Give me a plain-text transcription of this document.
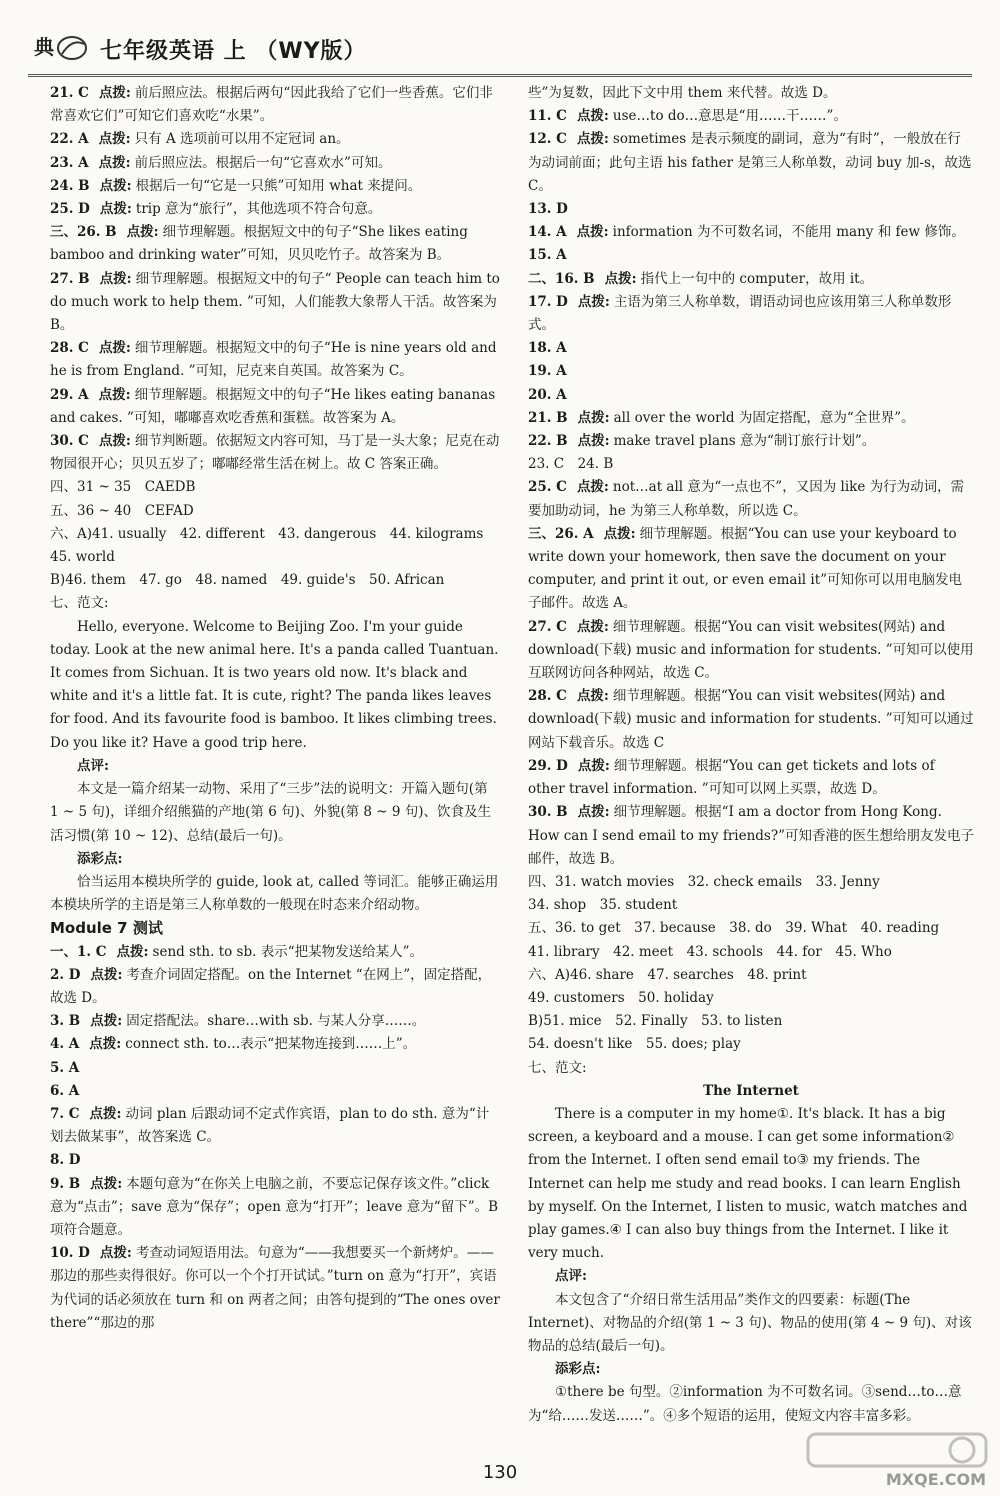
典 七年级英语 上 （WY版）

21. C 点拨: 前后照应法。根据后两句“因此我给了它们一些香蕉。它们非常喜欢它们”可知它们喜欢吃“水果”。

22. A 点拨: 只有 A 选项前可以用不定冠词 an。

23. A 点拨: 前后照应法。根据后一句“它喜欢水”可知。

24. B 点拨: 根据后一句“它是一只熊”可知用 what 来提问。

25. D 点拨: trip 意为“旅行”，其他选项不符合句意。

三、26. B 点拨: 细节理解题。根据短文中的句子“She likes eating bamboo and drinking water”可知，贝贝吃竹子。故答案为 B。

27. B 点拨: 细节理解题。根据短文中的句子“ People can teach him to do much work to help them. ”可知，人们能教大象帮人干活。故答案为 B。

28. C 点拨: 细节理解题。根据短文中的句子“He is nine years old and he is from England. ”可知，尼克来自英国。故答案为 C。

29. A 点拨: 细节理解题。根据短文中的句子“He likes eating bananas and cakes. ”可知，嘟嘟喜欢吃香蕉和蛋糕。故答案为 A。

30. C 点拨: 细节判断题。依据短文内容可知，马丁是一头大象；尼克在动物园很开心；贝贝五岁了；嘟嘟经常生活在树上。故 C 答案正确。

四、31 ~ 35　CAEDB

五、36 ~ 40　CEFAD

六、A)41. usually　42. different　43. dangerous　44. kilograms

45. world

B)46. them　47. go　48. named　49. guide's　50. African

七、范文:

Hello, everyone. Welcome to Beijing Zoo. I'm your guide today. Look at the new animal here. It's a panda called Tuantuan. It comes from Sichuan. It is two years old now. It's black and white and it's a little fat. It is cute, right? The panda likes leaves for food. And its favourite food is bamboo. It likes climbing trees. Do you like it? Have a good trip here.

点评:

本文是一篇介绍某一动物、采用了“三步”法的说明文：开篇入题句(第 1 ~ 5 句)，详细介绍熊猫的产地(第 6 句)、外貌(第 8 ~ 9 句)、饮食及生活习惯(第 10 ~ 12)、总结(最后一句)。

添彩点:

恰当运用本模块所学的 guide, look at, called 等词汇。能够正确运用本模块所学的主语是第三人称单数的一般现在时态来介绍动物。

Module 7 测试

一、1. C 点拨: send sth. to sb. 表示“把某物发送给某人”。

2. D 点拨: 考查介词固定搭配。on the Internet “在网上”，固定搭配，故选 D。

3. B 点拨: 固定搭配法。share…with sb. 与某人分享……。

4. A 点拨: connect sth. to…表示“把某物连接到……上”。

5. A

6. A

7. C 点拨: 动词 plan 后跟动词不定式作宾语，plan to do sth. 意为“计划去做某事”，故答案选 C。

8. D

9. B 点拨: 本题句意为“在你关上电脑之前，不要忘记保存该文件。”click 意为“点击”；save 意为“保存”；open 意为“打开”；leave 意为“留下”。B 项符合题意。

10. D 点拨: 考查动词短语用法。句意为“——我想要买一个新烤炉。——那边的那些卖得很好。你可以一个个打开试试。”turn on 意为“打开”，宾语为代词的话必须放在 turn 和 on 两者之间；由答句提到的“The ones over there”“那边的那

些”为复数，因此下文中用 them 来代替。故选 D。

11. C 点拨: use…to do…意思是“用……干……”。

12. C 点拨: sometimes 是表示频度的副词，意为“有时”，一般放在行为动词前面；此句主语 his father 是第三人称单数，动词 buy 加-s，故选 C。

13. D

14. A 点拨: information 为不可数名词，不能用 many 和 few 修饰。

15. A

二、16. B 点拨: 指代上一句中的 computer，故用 it。

17. D 点拨: 主语为第三人称单数，谓语动词也应该用第三人称单数形式。

18. A

19. A

20. A

21. B 点拨: all over the world 为固定搭配，意为“全世界”。

22. B 点拨: make travel plans 意为“制订旅行计划”。

23. C　24. B

25. C 点拨: not…at all 意为“一点也不”，又因为 like 为行为动词，需要加助动词，he 为第三人称单数，所以选 C。

三、26. A 点拨: 细节理解题。根据“You can use your keyboard to write down your homework, then save the document on your computer, and print it out, or even email it”可知你可以用电脑发电子邮件。故选 A。

27. C 点拨: 细节理解题。根据“You can visit websites(网站) and download(下载) music and information for students. ”可知可以使用互联网访问各种网站，故选 C。

28. C 点拨: 细节理解题。根据“You can visit websites(网站) and download(下载) music and information for students. ”可知可以通过网站下载音乐。故选 C

29. D 点拨: 细节理解题。根据“You can get tickets and lots of other travel information. ”可知可以网上买票，故选 D。

30. B 点拨: 细节理解题。根据“I am a doctor from Hong Kong. How can I send email to my friends?”可知香港的医生想给朋友发电子邮件，故选 B。

四、31. watch movies　32. check emails　33. Jenny

34. shop　35. student

五、36. to get　37. because　38. do　39. What　40. reading

41. library　42. meet　43. schools　44. for　45. Who

六、A)46. share　47. searches　48. print

49. customers　50. holiday

B)51. mice　52. Finally　53. to listen

54. doesn't like　55. does; play

七、范文:

The Internet

There is a computer in my home①. It's black. It has a big screen, a keyboard and a mouse. I can get some information② from the Internet. I often send email to③ my friends. The Internet can help me study and read books. I can learn English by myself. On the Internet, I listen to music, watch matches and play games.④ I can also buy things from the Internet. I like it very much.

点评:

本文包含了“介绍日常生活用品”类作文的四要素：标题(The Internet)、对物品的介绍(第 1 ~ 3 句)、物品的使用(第 4 ~ 9 句)、对该物品的总结(最后一句)。

添彩点:

①there be 句型。②information 为不可数名词。③send…to…意为“给……发送……”。④多个短语的运用，使短文内容丰富多彩。

130	MXQE.COM
